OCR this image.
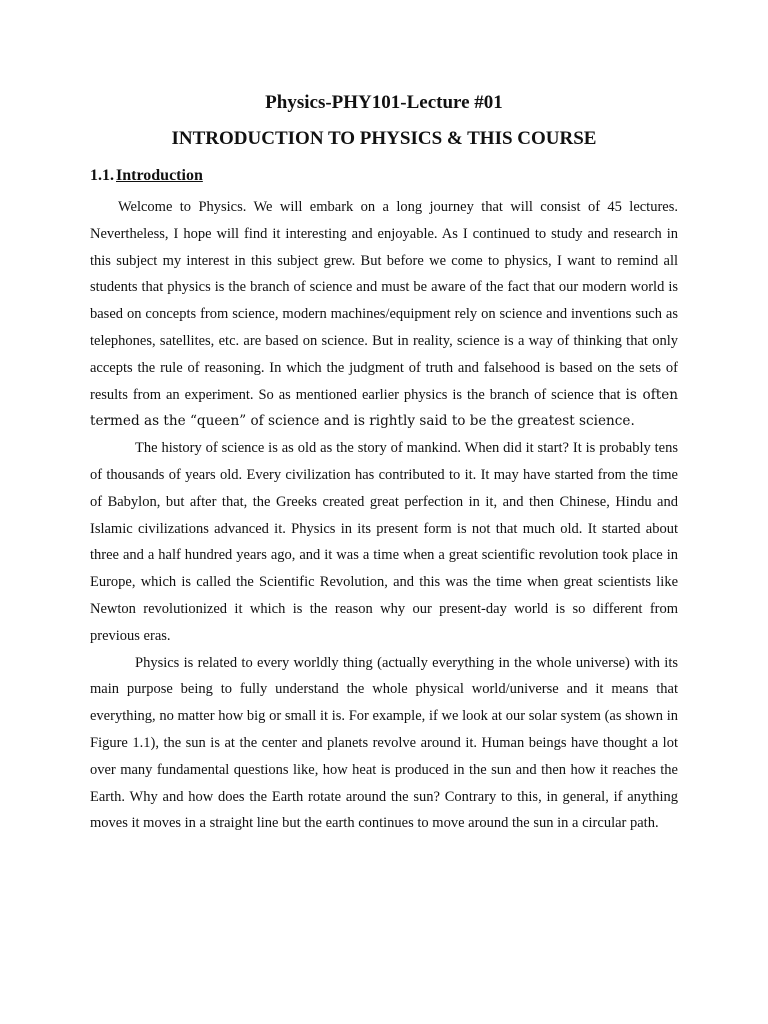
Physics-PHY101-Lecture #01
INTRODUCTION TO PHYSICS & THIS COURSE
1.1. Introduction

Welcome to Physics. We will embark on a long journey that will consist of 45 lectures. Nevertheless, I hope will find it interesting and enjoyable. As I continued to study and research in this subject my interest in this subject grew. But before we come to physics, I want to remind all students that physics is the branch of science and must be aware of the fact that our modern world is based on concepts from science, modern machines/equipment rely on science and inventions such as telephones, satellites, etc. are based on science. But in reality, science is a way of thinking that only accepts the rule of reasoning. In which the judgment of truth and falsehood is based on the sets of results from an experiment. So as mentioned earlier physics is the branch of science that is often termed as the “queen” of science and is rightly said to be the greatest science.

The history of science is as old as the story of mankind. When did it start? It is probably tens of thousands of years old. Every civilization has contributed to it. It may have started from the time of Babylon, but after that, the Greeks created great perfection in it, and then Chinese, Hindu and Islamic civilizations advanced it. Physics in its present form is not that much old. It started about three and a half hundred years ago, and it was a time when a great scientific revolution took place in Europe, which is called the Scientific Revolution, and this was the time when great scientists like Newton revolutionized it which is the reason why our present-day world is so different from previous eras.

Physics is related to every worldly thing (actually everything in the whole universe) with its main purpose being to fully understand the whole physical world/universe and it means that everything, no matter how big or small it is. For example, if we look at our solar system (as shown in Figure 1.1), the sun is at the center and planets revolve around it. Human beings have thought a lot over many fundamental questions like, how heat is produced in the sun and then how it reaches the Earth. Why and how does the Earth rotate around the sun? Contrary to this, in general, if anything moves it moves in a straight line but the earth continues to move around the sun in a circular path.
